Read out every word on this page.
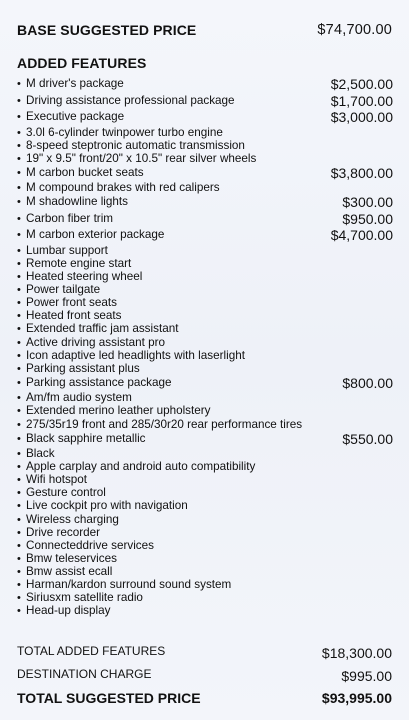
BASE SUGGESTED PRICE	$74,700.00
ADDED FEATURES
• M driver's package	$2,500.00
• Driving assistance professional package	$1,700.00
• Executive package	$3,000.00
• 3.0l 6-cylinder twinpower turbo engine
• 8-speed steptronic automatic transmission
• 19" x 9.5" front/20" x 10.5" rear silver wheels
• M carbon bucket seats	$3,800.00
• M compound brakes with red calipers
• M shadowline lights	$300.00
• Carbon fiber trim	$950.00
• M carbon exterior package	$4,700.00
• Lumbar support
• Remote engine start
• Heated steering wheel
• Power tailgate
• Power front seats
• Heated front seats
• Extended traffic jam assistant
• Active driving assistant pro
• Icon adaptive led headlights with laserlight
• Parking assistant plus
• Parking assistance package	$800.00
• Am/fm audio system
• Extended merino leather upholstery
• 275/35r19 front and 285/30r20 rear performance tires
• Black sapphire metallic	$550.00
• Black
• Apple carplay and android auto compatibility
• Wifi hotspot
• Gesture control
• Live cockpit pro with navigation
• Wireless charging
• Drive recorder
• Connecteddrive services
• Bmw teleservices
• Bmw assist ecall
• Harman/kardon surround sound system
• Siriusxm satellite radio
• Head-up display
TOTAL ADDED FEATURES	$18,300.00
DESTINATION CHARGE	$995.00
TOTAL SUGGESTED PRICE	$93,995.00
